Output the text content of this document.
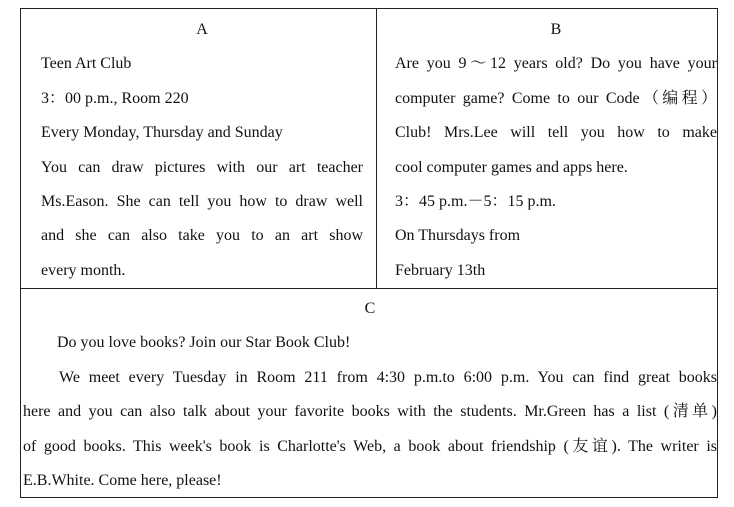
A
Teen Art Club
3：00 p.m., Room 220
Every Monday, Thursday and Sunday
You can draw pictures with our art teacher
Ms.Eason. She can tell you how to draw well
and she can also take you to an art show
every month.
B
Are you 9～12 years old? Do you have your
computer game? Come to our Code（编程）
Club! Mrs.Lee will tell you how to make
cool computer games and apps here.
3：45 p.m.－5：15 p.m.
On Thursdays from
February 13th
C
Do you love books? Join our Star Book Club!
We meet every Tuesday in Room 211 from 4:30 p.m.to 6:00 p.m. You can find great books
here and you can also talk about your favorite books with the students. Mr.Green has a list (清单)
of good books. This week's book is Charlotte's Web, a book about friendship (友谊). The writer is
E.B.White. Come here, please!
